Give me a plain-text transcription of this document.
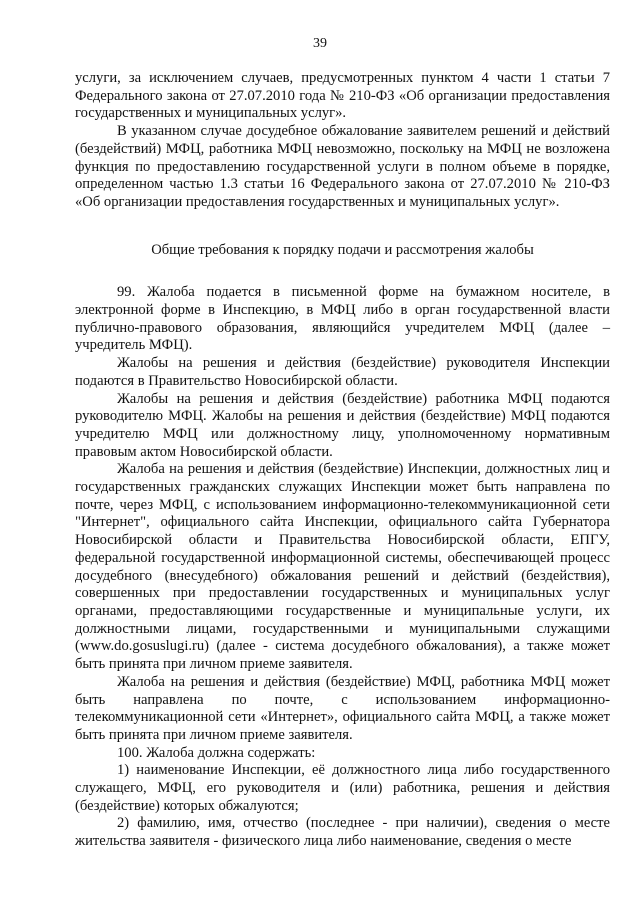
39

услуги, за исключением случаев, предусмотренных пунктом 4 части 1 статьи 7 Федерального закона от 27.07.2010 года № 210-ФЗ «Об организации предоставления государственных и муниципальных услуг».

В указанном случае досудебное обжалование заявителем решений и действий (бездействий) МФЦ, работника МФЦ невозможно, поскольку на МФЦ не возложена функция по предоставлению государственной услуги в полном объеме в порядке, определенном частью 1.3 статьи 16 Федерального закона от 27.07.2010 № 210-ФЗ «Об организации предоставления государственных и муниципальных услуг».

Общие требования к порядку подачи и рассмотрения жалобы

99. Жалоба подается в письменной форме на бумажном носителе, в электронной форме в Инспекцию, в МФЦ либо в орган государственной власти публично-правового образования, являющийся учредителем МФЦ (далее – учредитель МФЦ).

Жалобы на решения и действия (бездействие) руководителя Инспекции подаются в Правительство Новосибирской области.

Жалобы на решения и действия (бездействие) работника МФЦ подаются руководителю МФЦ. Жалобы на решения и действия (бездействие) МФЦ подаются учредителю МФЦ или должностному лицу, уполномоченному нормативным правовым актом Новосибирской области.

Жалоба на решения и действия (бездействие) Инспекции, должностных лиц и государственных гражданских служащих Инспекции может быть направлена по почте, через МФЦ, с использованием информационно-телекоммуникационной сети "Интернет", официального сайта Инспекции, официального сайта Губернатора Новосибирской области и Правительства Новосибирской области, ЕПГУ, федеральной государственной информационной системы, обеспечивающей процесс досудебного (внесудебного) обжалования решений и действий (бездействия), совершенных при предоставлении государственных и муниципальных услуг органами, предоставляющими государственные и муниципальные услуги, их должностными лицами, государственными и муниципальными служащими (www.do.gosuslugi.ru) (далее - система досудебного обжалования), а также может быть принята при личном приеме заявителя.

Жалоба на решения и действия (бездействие) МФЦ, работника МФЦ может быть направлена по почте, с использованием информационно-телекоммуникационной сети «Интернет», официального сайта МФЦ, а также может быть принята при личном приеме заявителя.

100. Жалоба должна содержать:

1) наименование Инспекции, её должностного лица либо государственного служащего, МФЦ, его руководителя и (или) работника, решения и действия (бездействие) которых обжалуются;

2) фамилию, имя, отчество (последнее - при наличии), сведения о месте жительства заявителя - физического лица либо наименование, сведения о месте
